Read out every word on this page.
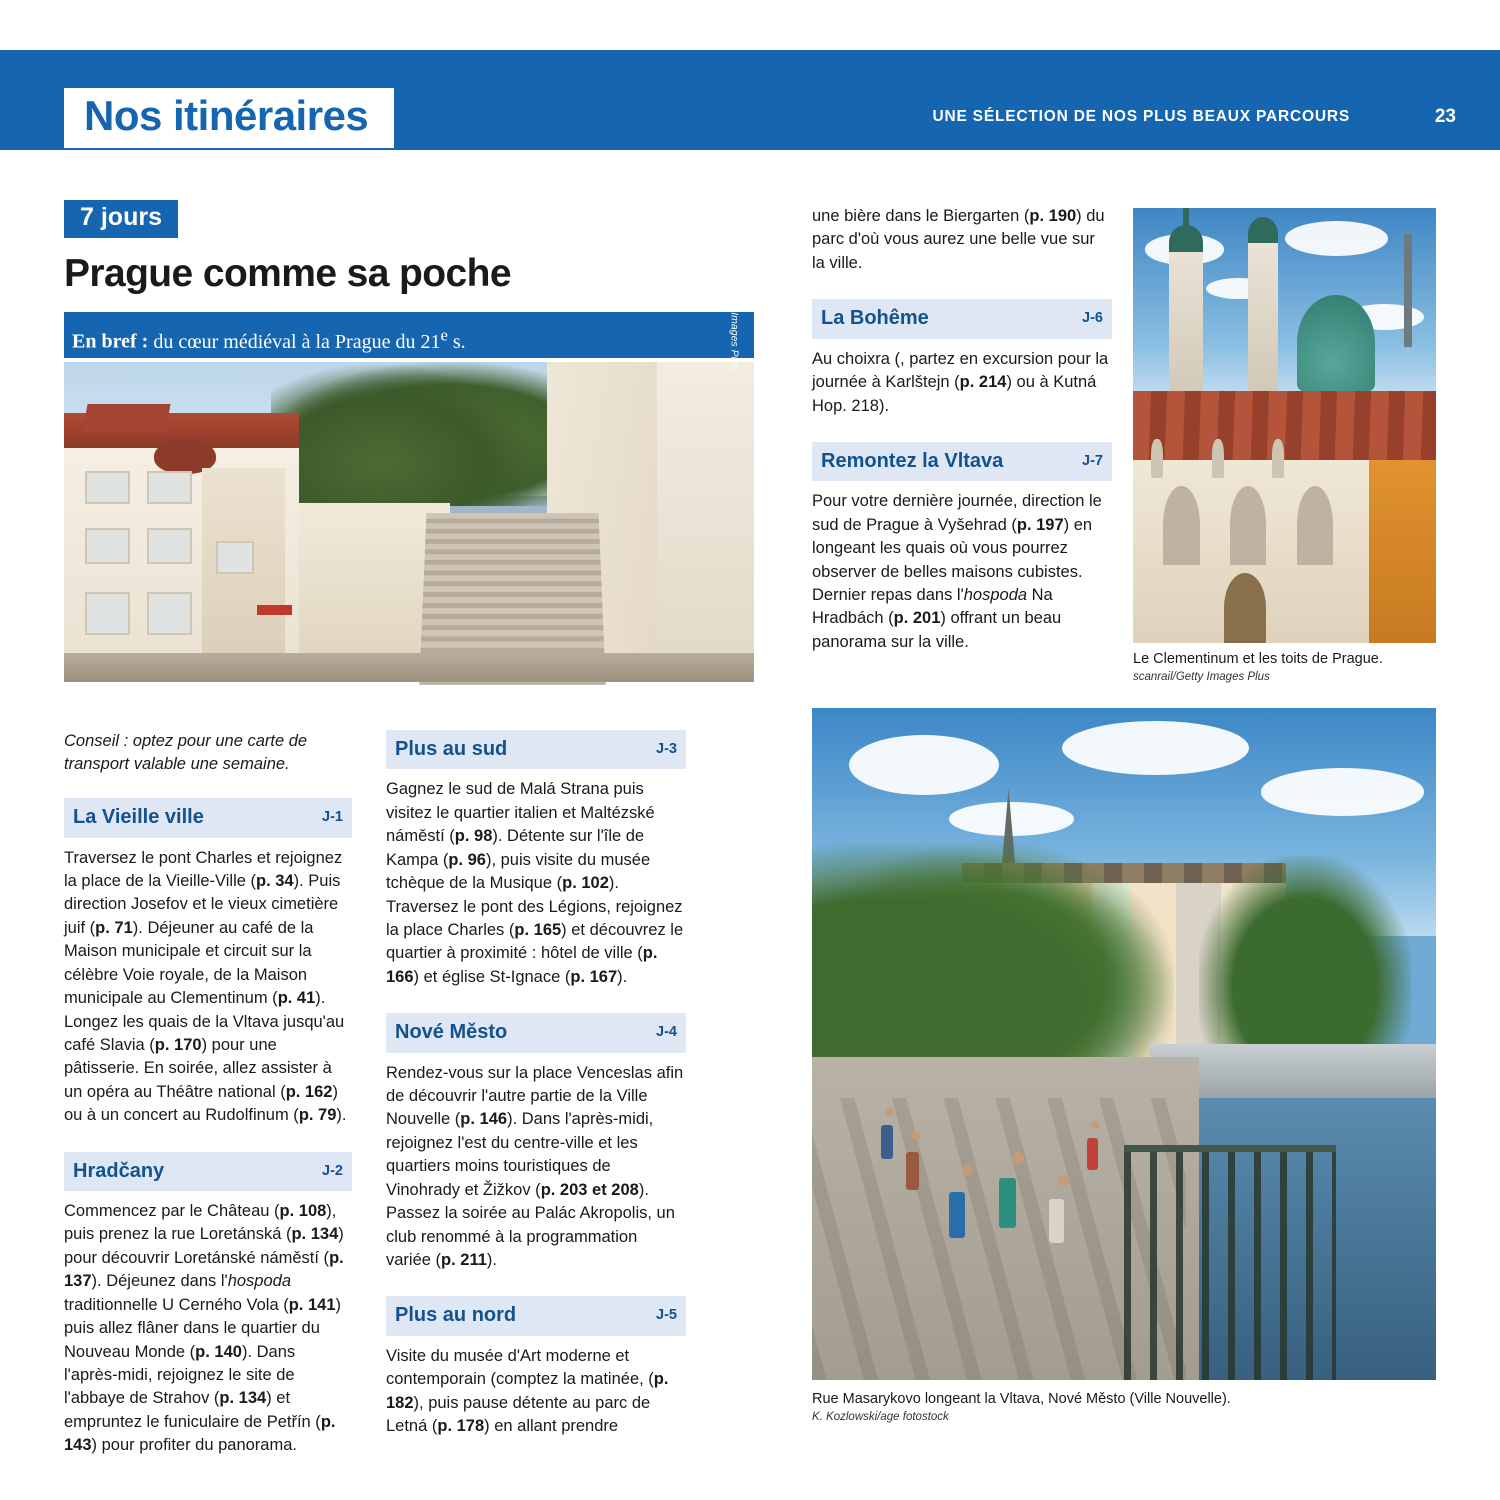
Nos itinéraires	UNE SÉLECTION DE NOS PLUS BEAUX PARCOURS	23
7 jours
Prague comme sa poche
En bref : du cœur médiéval à la Prague du 21e s.	sedmak/Getty Images Plus
Conseil : optez pour une carte de transport valable une semaine.
La Vieille ville	J-1

Traversez le pont Charles et rejoignez la place de la Vieille-Ville (p. 34). Puis direction Josefov et le vieux cimetière juif (p. 71). Déjeuner au café de la Maison municipale et circuit sur la célèbre Voie royale, de la Maison municipale au Clementinum (p. 41). Longez les quais de la Vltava jusqu'au café Slavia (p. 170) pour une pâtisserie. En soirée, allez assister à un opéra au Théâtre national (p. 162) ou à un concert au Rudolfinum (p. 79).

Hradčany	J-2

Commencez par le Château (p. 108), puis prenez la rue Loretánská (p. 134) pour découvrir Loretánské náměstí (p. 137). Déjeunez dans l'hospoda traditionnelle U Cerného Vola (p. 141) puis allez flâner dans le quartier du Nouveau Monde (p. 140). Dans l'après-midi, rejoignez le site de l'abbaye de Strahov (p. 134) et empruntez le funiculaire de Petřín (p. 143) pour profiter du panorama.

Plus au sud	J-3

Gagnez le sud de Malá Strana puis visitez le quartier italien et Maltézské náměstí (p. 98). Détente sur l'île de Kampa (p. 96), puis visite du musée tchèque de la Musique (p. 102). Traversez le pont des Légions, rejoignez la place Charles (p. 165) et découvrez le quartier à proximité : hôtel de ville (p. 166) et église St-Ignace (p. 167).

Nové Město	J-4

Rendez-vous sur la place Venceslas afin de découvrir l'autre partie de la Ville Nouvelle (p. 146). Dans l'après-midi, rejoignez l'est du centre-ville et les quartiers moins touristiques de Vinohrady et Žižkov (p. 203 et 208). Passez la soirée au Palác Akropolis, un club renommé à la programmation variée (p. 211).

Plus au nord	J-5

Visite du musée d'Art moderne et contemporain (comptez la matinée, (p. 182), puis pause détente au parc de Letná (p. 178) en allant prendre

une bière dans le Biergarten (p. 190) du parc d'où vous aurez une belle vue sur la ville.

La Bohême	J-6

Au choixra (, partez en excursion pour la journée à Karlštejn (p. 214) ou à Kutná Hop. 218).

Remontez la Vltava	J-7

Pour votre dernière journée, direction le sud de Prague à Vyšehrad (p. 197) en longeant les quais où vous pourrez observer de belles maisons cubistes. Dernier repas dans l'hospoda Na Hradbách (p. 201) offrant un beau panorama sur la ville.

Le Clementinum et les toits de Prague.
scanrail/Getty Images Plus
Rue Masarykovo longeant la Vltava, Nové Město (Ville Nouvelle).
K. Kozlowski/age fotostock
